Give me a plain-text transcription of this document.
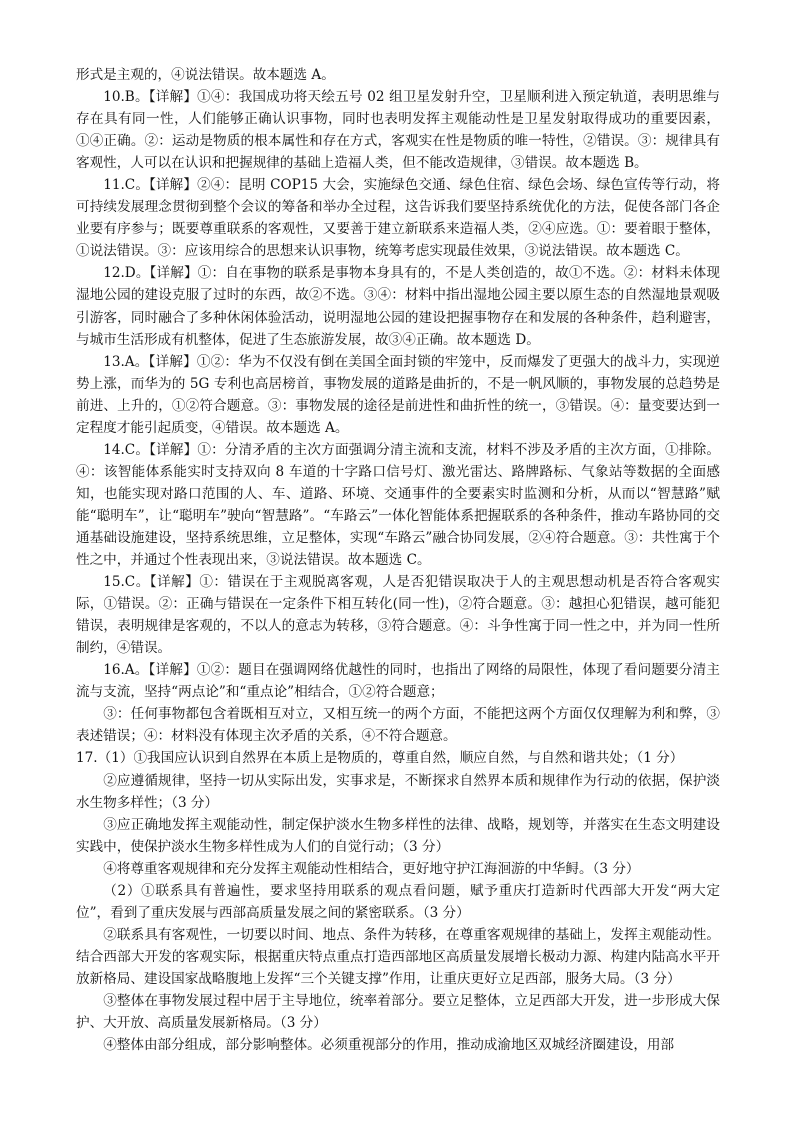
形式是主观的，④说法错误。故本题选 A。

10.B。【详解】①④：我国成功将天绘五号 02 组卫星发射升空，卫星顺利进入预定轨道，表明思维与存在具有同一性，人们能够正确认识事物，同时也表明发挥主观能动性是卫星发射取得成功的重要因素，①④正确。②：运动是物质的根本属性和存在方式，客观实在性是物质的唯一特性，②错误。③：规律具有客观性，人可以在认识和把握规律的基础上造福人类，但不能改造规律，③错误。故本题选 B。

11.C。【详解】②④：昆明 COP15 大会，实施绿色交通、绿色住宿、绿色会场、绿色宣传等行动，将可持续发展理念贯彻到整个会议的筹备和举办全过程，这告诉我们要坚持系统优化的方法，促使各部门各企业要有序参与；既要尊重联系的客观性，又要善于建立新联系来造福人类，②④应选。①：要着眼于整体，①说法错误。③：应该用综合的思想来认识事物，统筹考虑实现最佳效果，③说法错误。故本题选 C。

12.D。【详解】①：自在事物的联系是事物本身具有的，不是人类创造的，故①不选。②：材料未体现湿地公园的建设克服了过时的东西，故②不选。③④：材料中指出湿地公园主要以原生态的自然湿地景观吸引游客，同时融合了多种休闲体验活动，说明湿地公园的建设把握事物存在和发展的各种条件，趋利避害，与城市生活形成有机整体，促进了生态旅游发展，故③④正确。故本题选 D。

13.A。【详解】①②：华为不仅没有倒在美国全面封锁的牢笼中，反而爆发了更强大的战斗力，实现逆势上涨，而华为的 5G 专利也高居榜首，事物发展的道路是曲折的，不是一帆风顺的，事物发展的总趋势是前进、上升的，①②符合题意。③：事物发展的途径是前进性和曲折性的统一，③错误。④：量变要达到一定程度才能引起质变，④错误。故本题选 A。

14.C。【详解】①：分清矛盾的主次方面强调分清主流和支流，材料不涉及矛盾的主次方面，①排除。④：该智能体系能实时支持双向 8 车道的十字路口信号灯、激光雷达、路牌路标、气象站等数据的全面感知，也能实现对路口范围的人、车、道路、环境、交通事件的全要素实时监测和分析，从而以“智慧路”赋能“聪明车”，让“聪明车”驶向“智慧路”。“车路云”一体化智能体系把握联系的各种条件，推动车路协同的交通基础设施建设，坚持系统思维，立足整体，实现“车路云”融合协同发展，②④符合题意。③：共性寓于个性之中，并通过个性表现出来，③说法错误。故本题选 C。

15.C。【详解】①：错误在于主观脱离客观，人是否犯错误取决于人的主观思想动机是否符合客观实际，①错误。②：正确与错误在一定条件下相互转化(同一性)，②符合题意。③：越担心犯错误，越可能犯错误，表明规律是客观的，不以人的意志为转移，③符合题意。④：斗争性寓于同一性之中，并为同一性所制约，④错误。

16.A。【详解】①②：题目在强调网络优越性的同时，也指出了网络的局限性，体现了看问题要分清主流与支流，坚持“两点论”和“重点论”相结合，①②符合题意；

③：任何事物都包含着既相互对立，又相互统一的两个方面，不能把这两个方面仅仅理解为利和弊，③表述错误；④：材料没有体现主次矛盾的关系，④不符合题意。

17.（1）①我国应认识到自然界在本质上是物质的，尊重自然，顺应自然，与自然和谐共处；（1 分）

②应遵循规律，坚持一切从实际出发，实事求是，不断探求自然界本质和规律作为行动的依据，保护淡水生物多样性；（3 分）

③应正确地发挥主观能动性，制定保护淡水生物多样性的法律、战略，规划等，并落实在生态文明建设实践中，使保护淡水生物多样性成为人们的自觉行动；（3 分）

④将尊重客观规律和充分发挥主观能动性相结合，更好地守护江海洄游的中华鲟。（3 分）

（2）①联系具有普遍性，要求坚持用联系的观点看问题，赋予重庆打造新时代西部大开发“两大定位”，看到了重庆发展与西部高质量发展之间的紧密联系。（3 分）

②联系具有客观性，一切要以时间、地点、条件为转移，在尊重客观规律的基础上，发挥主观能动性。结合西部大开发的客观实际，根据重庆特点重点打造西部地区高质量发展增长极动力源、构建内陆高水平开放新格局、建设国家战略腹地上发挥“三个关键支撑”作用，让重庆更好立足西部，服务大局。（3 分）

③整体在事物发展过程中居于主导地位，统率着部分。要立足整体，立足西部大开发，进一步形成大保护、大开放、高质量发展新格局。（3 分）

④整体由部分组成，部分影响整体。必须重视部分的作用，推动成渝地区双城经济圈建设，用部
